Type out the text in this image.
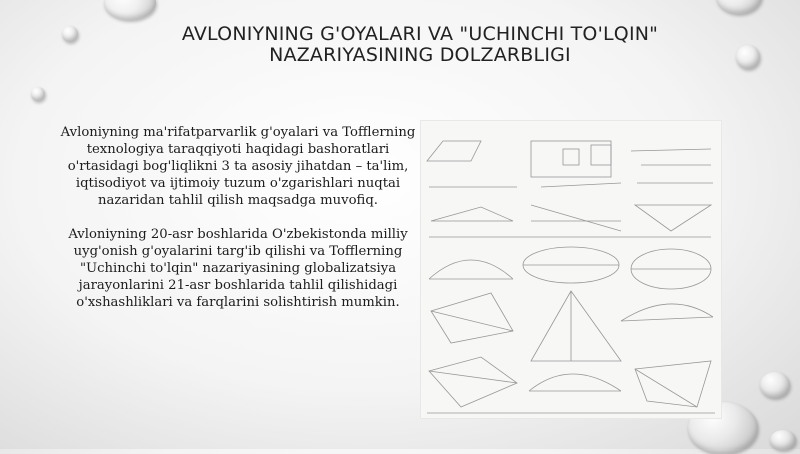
AVLONIYNING G'OYALARI VA "UCHINCHI TO'LQIN"
NAZARIYASINING DOLZARBLIGI

Avloniyning ma'rifatparvarlik g'oyalari va Tofflerning texnologiya taraqqiyoti haqidagi bashoratlari o'rtasidagi bog'liqlikni 3 ta asosiy jihatdan – ta'lim, iqtisodiyot va ijtimoiy tuzum o'zgarishlari nuqtai nazaridan tahlil qilish maqsadga muvofiq.

Avloniyning 20-asr boshlarida O'zbekistonda milliy uyg'onish g'oyalarini targ'ib qilishi va Tofflerning "Uchinchi to'lqin" nazariyasining globalizatsiya jarayonlarini 21-asr boshlarida tahlil qilishidagi o'xshashliklari va farqlarini solishtirish mumkin.
